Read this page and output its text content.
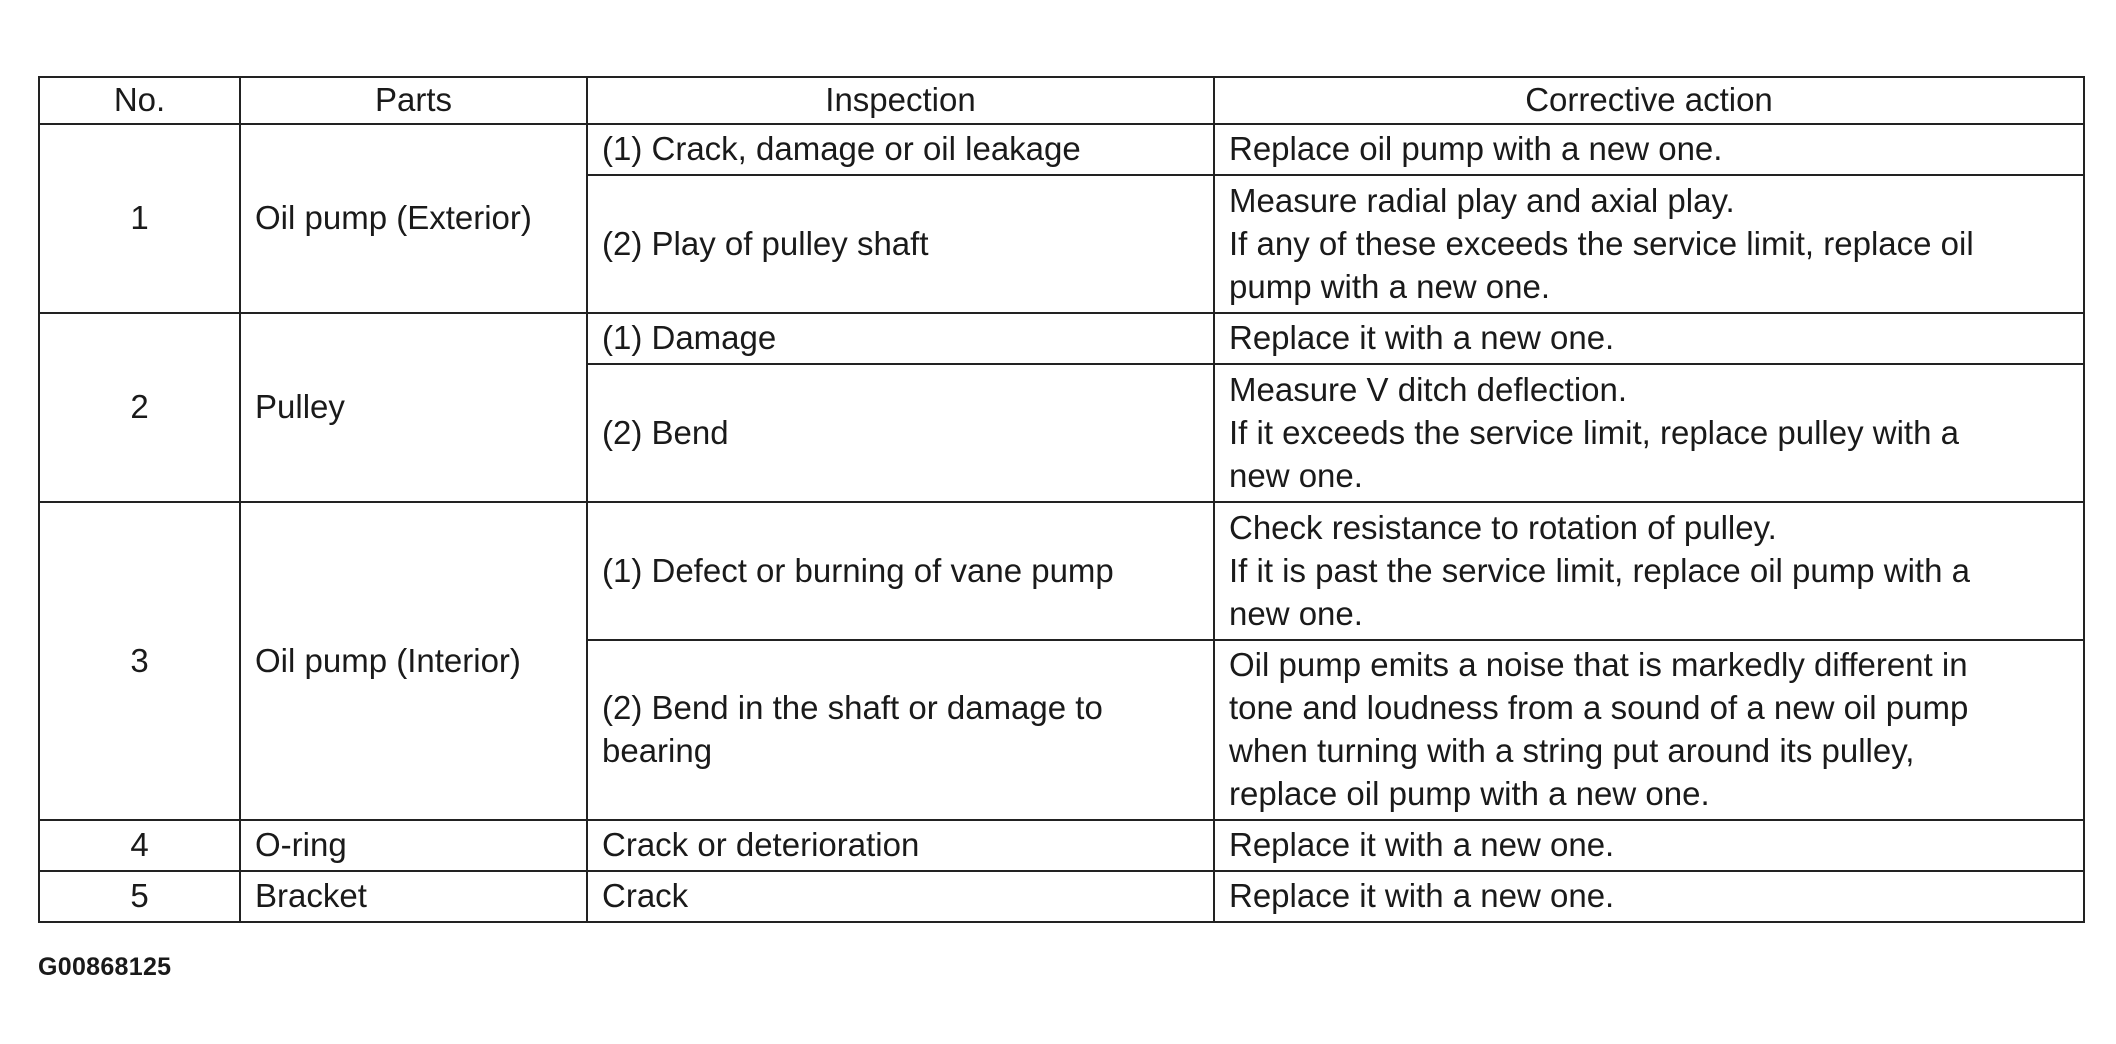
No.	Parts	Inspection	Corrective action
1	Oil pump (Exterior)	(1) Crack, damage or oil leakage	Replace oil pump with a new one.

		(2) Play of pulley shaft	Measure radial play and axial play.
If any of these exceeds the service limit, replace oil
pump with a new one.

2	Pulley	(1) Damage	Replace it with a new one.

		(2) Bend	Measure V ditch deflection.
If it exceeds the service limit, replace pulley with a
new one.

3	Oil pump (Interior)	(1) Defect or burning of vane pump	Check resistance to rotation of pulley.
If it is past the service limit, replace oil pump with a
new one.

		(2) Bend in the shaft or damage to
bearing	Oil pump emits a noise that is markedly different in
tone and loudness from a sound of a new oil pump
when turning with a string put around its pulley,
replace oil pump with a new one.

4	O-ring	Crack or deterioration	Replace it with a new one.

5	Bracket	Crack	Replace it with a new one.
G00868125
